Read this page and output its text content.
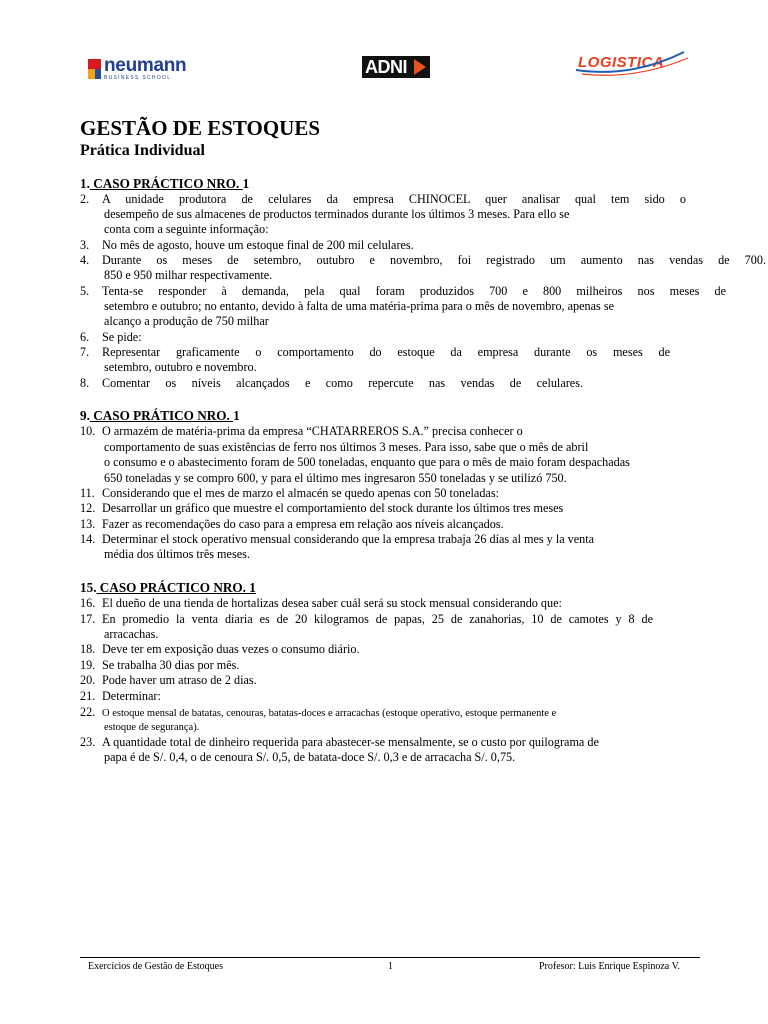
neumann
BUSINESS SCHOOL
ADNI	LOGISTICA
GESTÃO DE ESTOQUES
Prática Individual
1. CASO PRÁCTICO NRO. 1
2. A unidade produtora de celulares da empresa CHINOCEL quer analisar qual tem sido o
desempeño de sus almacenes de productos terminados durante los últimos 3 meses. Para ello se
conta com a seguinte informação:
3. No mês de agosto, houve um estoque final de 200 mil celulares.
4. Durante os meses de setembro, outubro e novembro, foi registrado um aumento nas vendas de 700.
850 e 950 milhar respectivamente.
5. Tenta-se responder à demanda, pela qual foram produzidos 700 e 800 milheiros nos meses de
setembro e outubro; no entanto, devido à falta de uma matéria-prima para o mês de novembro, apenas se
alcanço a produção de 750 milhar
6. Se pide:
7. Representar graficamente o comportamento do estoque da empresa durante os meses de
setembro, outubro e novembro.
8. Comentar os níveis alcançados e como repercute nas vendas de celulares.
9. CASO PRÁTICO NRO. 1
10. O armazém de matéria-prima da empresa “CHATARREROS S.A.” precisa conhecer o
comportamento de suas existências de ferro nos últimos 3 meses. Para isso, sabe que o mês de abril
o consumo e o abastecimento foram de 500 toneladas, enquanto que para o mês de maio foram despachadas
650 toneladas y se compro 600, y para el último mes ingresaron 550 toneladas y se utilizó 750.
11. Considerando que el mes de marzo el almacén se quedo apenas con 50 toneladas:
12. Desarrollar un gráfico que muestre el comportamiento del stock durante los últimos tres meses
13. Fazer as recomendações do caso para a empresa em relação aos níveis alcançados.
14. Determinar el stock operativo mensual considerando que la empresa trabaja 26 días al mes y la venta
média dos últimos três meses.
15. CASO PRÁCTICO NRO. 1
16. El dueño de una tienda de hortalizas desea saber cuál será su stock mensual considerando que:
17. En promedio la venta diaria es de 20 kilogramos de papas, 25 de zanahorias, 10 de camotes y 8 de
arracachas.
18. Deve ter em exposição duas vezes o consumo diário.
19. Se trabalha 30 dias por mês.
20. Pode haver um atraso de 2 dias.
21. Determinar:
22. O estoque mensal de batatas, cenouras, batatas-doces e arracachas (estoque operativo, estoque permanente e
estoque de segurança).
23. A quantidade total de dinheiro requerida para abastecer-se mensalmente, se o custo por quilograma de
papa é de S/. 0,4, o de cenoura S/. 0,5, de batata-doce S/. 0,3 e de arracacha S/. 0,75.
Exercícios de Gestão de Estoques	1	Profesor: Luis Enrique Espinoza V.
